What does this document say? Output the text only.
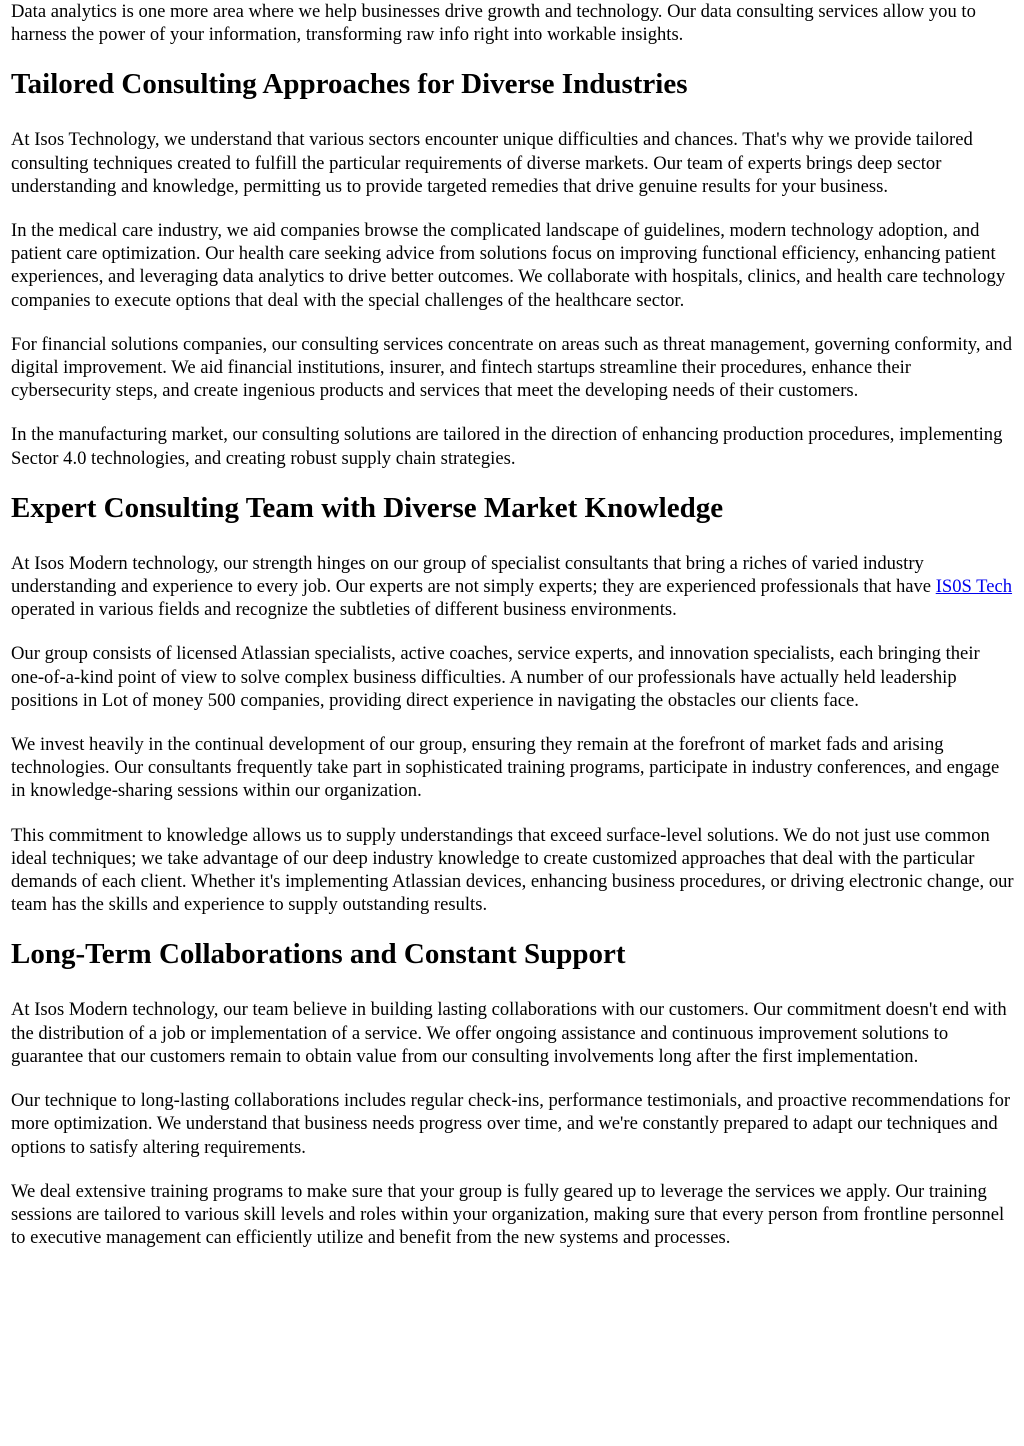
Data analytics is one more area where we help businesses drive growth and technology. Our data consulting services allow you to harness the power of your information, transforming raw info right into workable insights.

Tailored Consulting Approaches for Diverse Industries

At Isos Technology, we understand that various sectors encounter unique difficulties and chances. That's why we provide tailored consulting techniques created to fulfill the particular requirements of diverse markets. Our team of experts brings deep sector understanding and knowledge, permitting us to provide targeted remedies that drive genuine results for your business.

In the medical care industry, we aid companies browse the complicated landscape of guidelines, modern technology adoption, and patient care optimization. Our health care seeking advice from solutions focus on improving functional efficiency, enhancing patient experiences, and leveraging data analytics to drive better outcomes. We collaborate with hospitals, clinics, and health care technology companies to execute options that deal with the special challenges of the healthcare sector.

For financial solutions companies, our consulting services concentrate on areas such as threat management, governing conformity, and digital improvement. We aid financial institutions, insurer, and fintech startups streamline their procedures, enhance their cybersecurity steps, and create ingenious products and services that meet the developing needs of their customers.

In the manufacturing market, our consulting solutions are tailored in the direction of enhancing production procedures, implementing Sector 4.0 technologies, and creating robust supply chain strategies.

Expert Consulting Team with Diverse Market Knowledge

At Isos Modern technology, our strength hinges on our group of specialist consultants that bring a riches of varied industry understanding and experience to every job. Our experts are not simply experts; they are experienced professionals that have IS0S Tech operated in various fields and recognize the subtleties of different business environments.

Our group consists of licensed Atlassian specialists, active coaches, service experts, and innovation specialists, each bringing their one-of-a-kind point of view to solve complex business difficulties. A number of our professionals have actually held leadership positions in Lot of money 500 companies, providing direct experience in navigating the obstacles our clients face.

We invest heavily in the continual development of our group, ensuring they remain at the forefront of market fads and arising technologies. Our consultants frequently take part in sophisticated training programs, participate in industry conferences, and engage in knowledge-sharing sessions within our organization.

This commitment to knowledge allows us to supply understandings that exceed surface-level solutions. We do not just use common ideal techniques; we take advantage of our deep industry knowledge to create customized approaches that deal with the particular demands of each client. Whether it's implementing Atlassian devices, enhancing business procedures, or driving electronic change, our team has the skills and experience to supply outstanding results.

Long-Term Collaborations and Constant Support

At Isos Modern technology, our team believe in building lasting collaborations with our customers. Our commitment doesn't end with the distribution of a job or implementation of a service. We offer ongoing assistance and continuous improvement solutions to guarantee that our customers remain to obtain value from our consulting involvements long after the first implementation.

Our technique to long-lasting collaborations includes regular check-ins, performance testimonials, and proactive recommendations for more optimization. We understand that business needs progress over time, and we're constantly prepared to adapt our techniques and options to satisfy altering requirements.

We deal extensive training programs to make sure that your group is fully geared up to leverage the services we apply. Our training sessions are tailored to various skill levels and roles within your organization, making sure that every person from frontline personnel to executive management can efficiently utilize and benefit from the new systems and processes.
